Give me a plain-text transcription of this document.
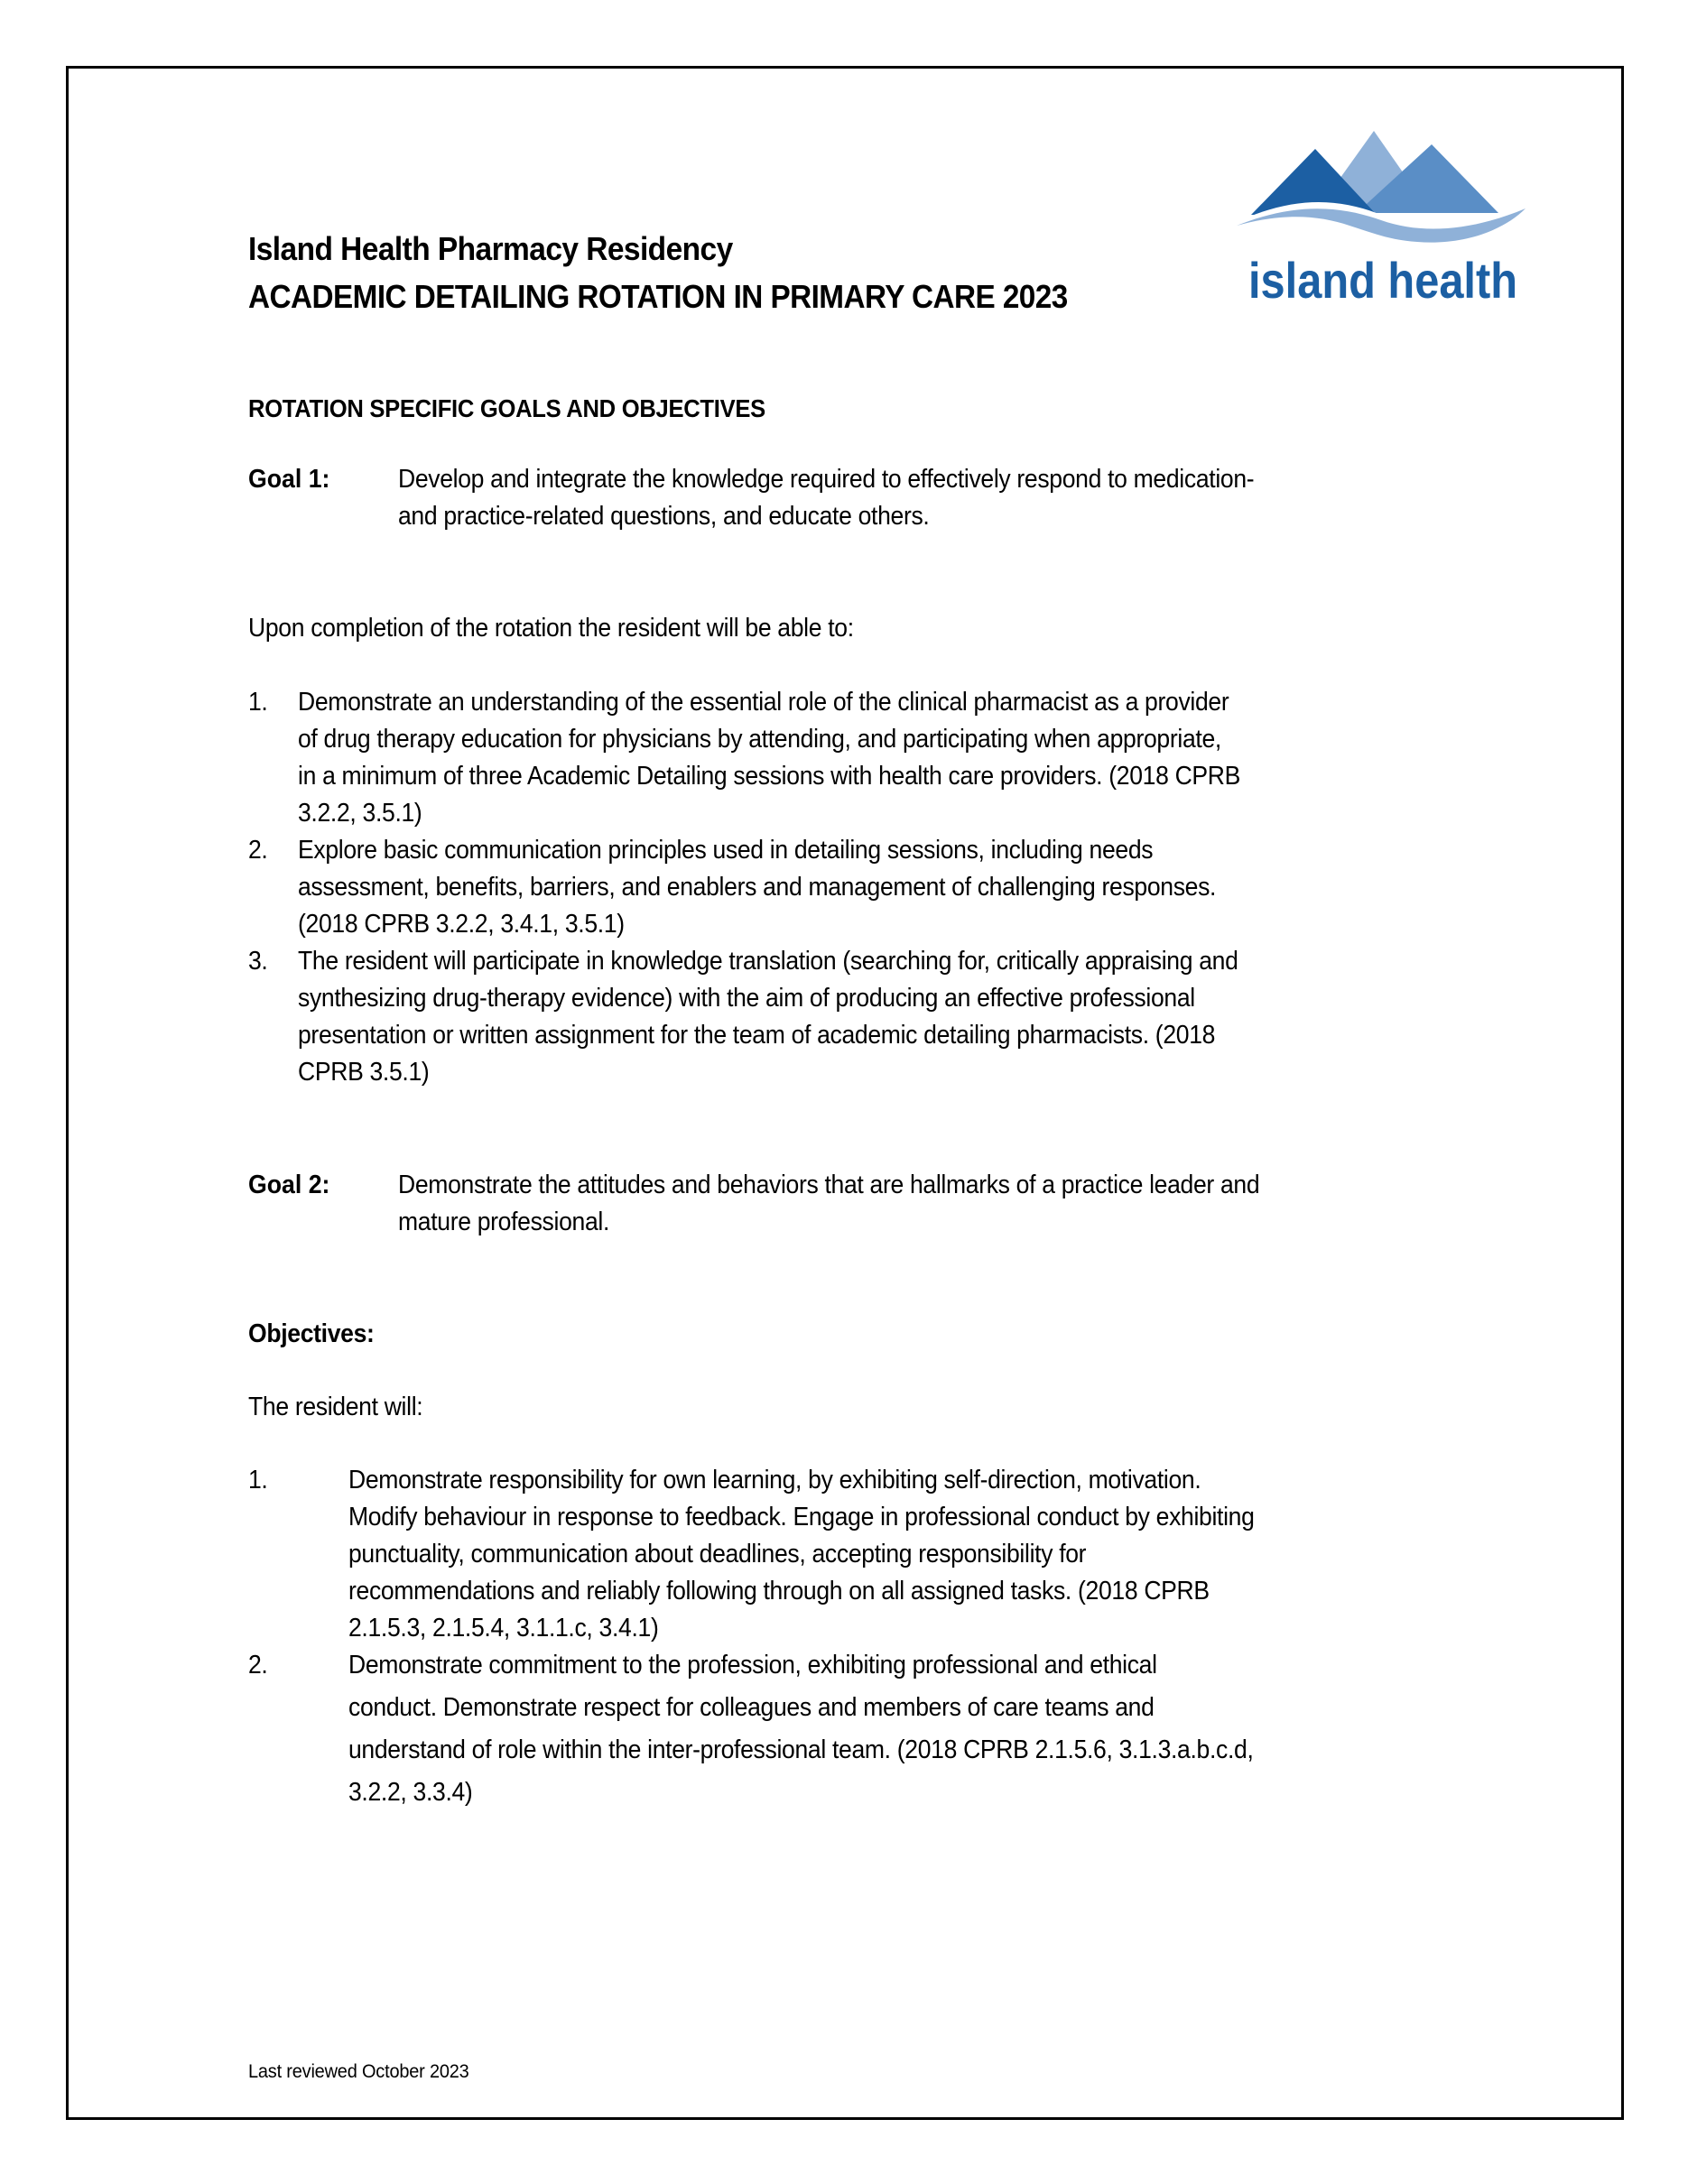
island health
Island Health Pharmacy Residency
ACADEMIC DETAILING ROTATION IN PRIMARY CARE 2023
ROTATION SPECIFIC GOALS AND OBJECTIVES
Goal 1:	Develop and integrate the knowledge required to effectively respond to medication-
and practice-related questions, and educate others.
Upon completion of the rotation the resident will be able to:
1. Demonstrate an understanding of the essential role of the clinical pharmacist as a provider
of drug therapy education for physicians by attending, and participating when appropriate,
in a minimum of three Academic Detailing sessions with health care providers. (2018 CPRB
3.2.2, 3.5.1)
2. Explore basic communication principles used in detailing sessions, including needs
assessment, benefits, barriers, and enablers and management of challenging responses.
(2018 CPRB 3.2.2, 3.4.1, 3.5.1)
3. The resident will participate in knowledge translation (searching for, critically appraising and
synthesizing drug-therapy evidence) with the aim of producing an effective professional
presentation or written assignment for the team of academic detailing pharmacists. (2018
CPRB 3.5.1)
Goal 2:	Demonstrate the attitudes and behaviors that are hallmarks of a practice leader and
mature professional.
Objectives:
The resident will:
1.	Demonstrate responsibility for own learning, by exhibiting self-direction, motivation.
Modify behaviour in response to feedback. Engage in professional conduct by exhibiting
punctuality, communication about deadlines, accepting responsibility for
recommendations and reliably following through on all assigned tasks. (2018 CPRB
2.1.5.3, 2.1.5.4, 3.1.1.c, 3.4.1)
2.	Demonstrate commitment to the profession, exhibiting professional and ethical
conduct. Demonstrate respect for colleagues and members of care teams and
understand of role within the inter-professional team. (2018 CPRB 2.1.5.6, 3.1.3.a.b.c.d,
3.2.2, 3.3.4)
Last reviewed October 2023
